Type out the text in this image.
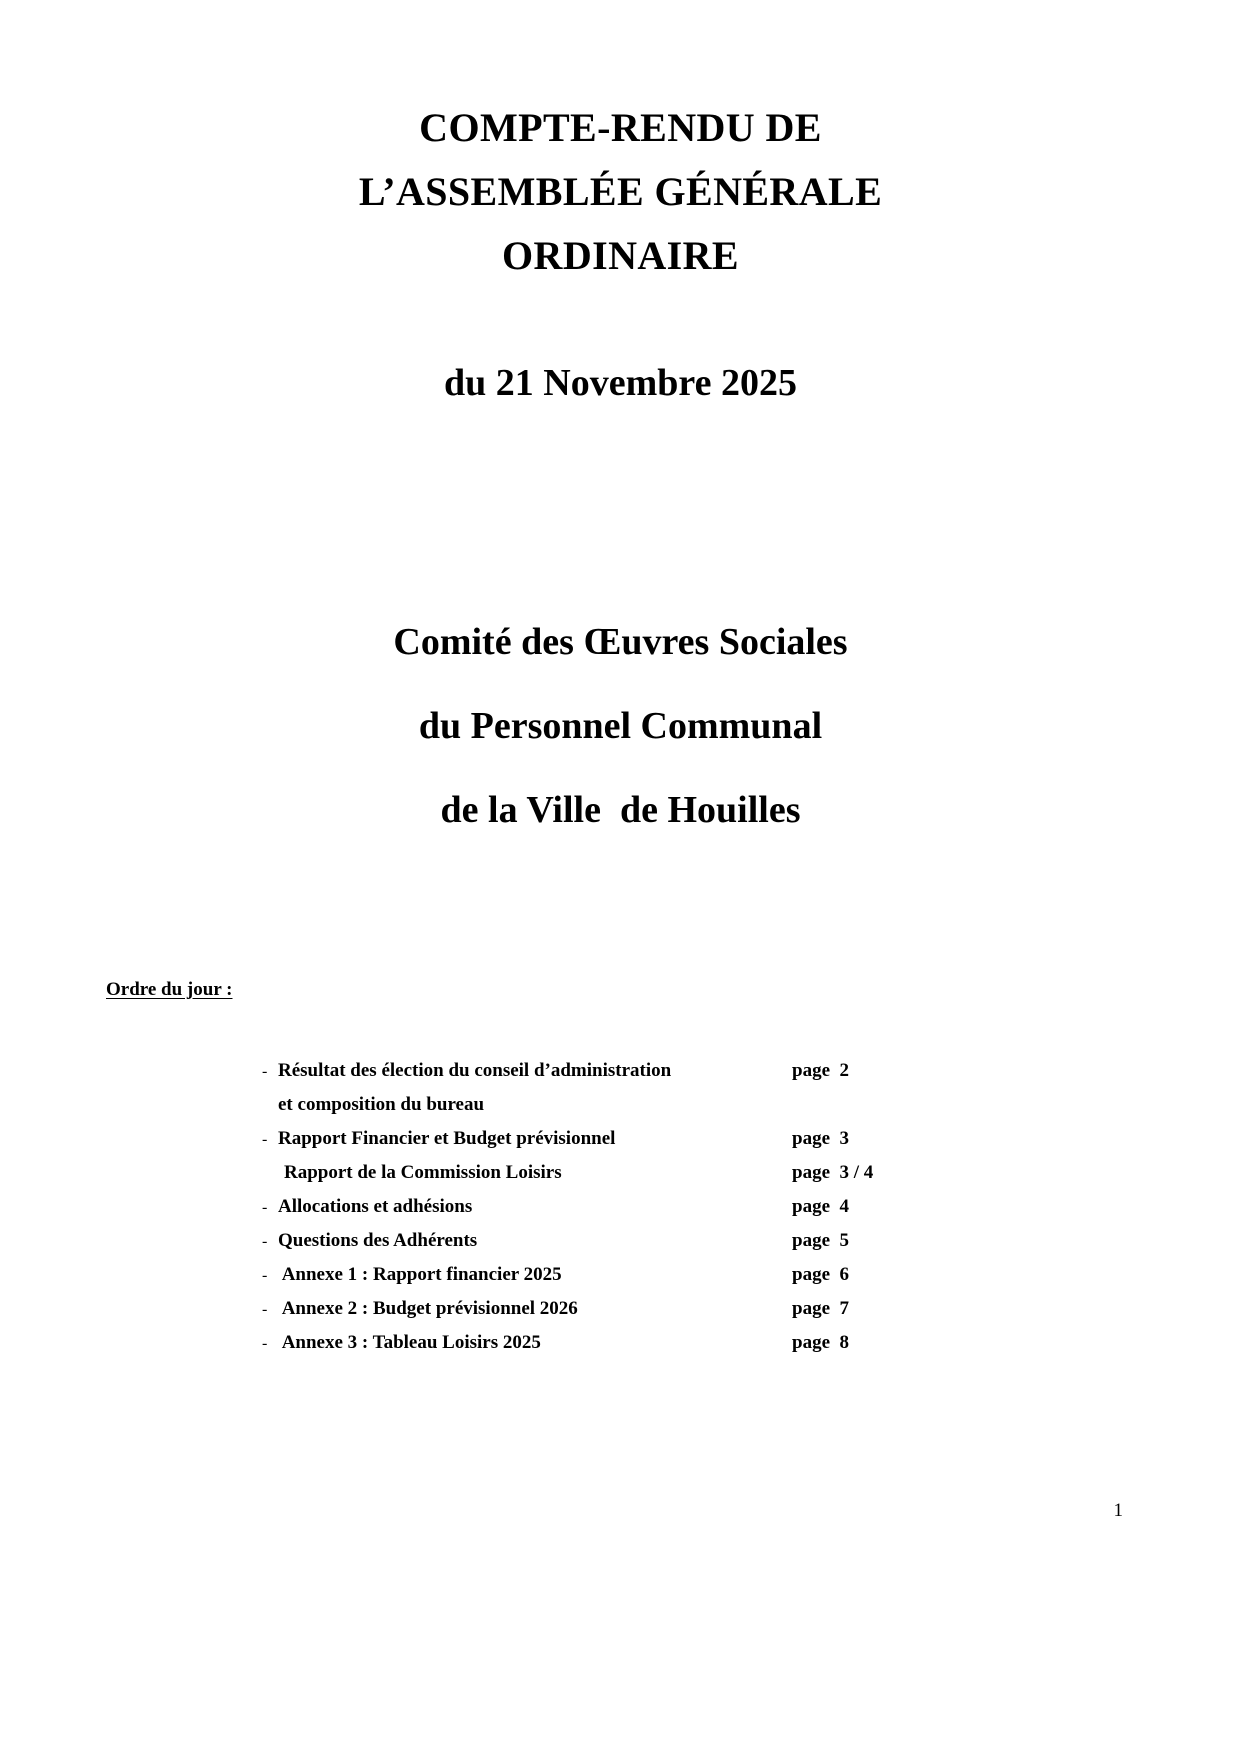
COMPTE-RENDU DE
L’ASSEMBLÉE GÉNÉRALE
ORDINAIRE
du 21 Novembre 2025
Comité des Œuvres Sociales
du Personnel Communal
de la Ville  de Houilles
Ordre du jour :
- Résultat des élection du conseil d’administration	page  2
et composition du bureau
- Rapport Financier et Budget prévisionnel	page  3
Rapport de la Commission Loisirs	page  3 / 4
- Allocations et adhésions	page  4
- Questions des Adhérents	page  5
- Annexe 1 : Rapport financier 2025	page  6
- Annexe 2 : Budget prévisionnel 2026	page  7
- Annexe 3 : Tableau Loisirs 2025	page  8
1
